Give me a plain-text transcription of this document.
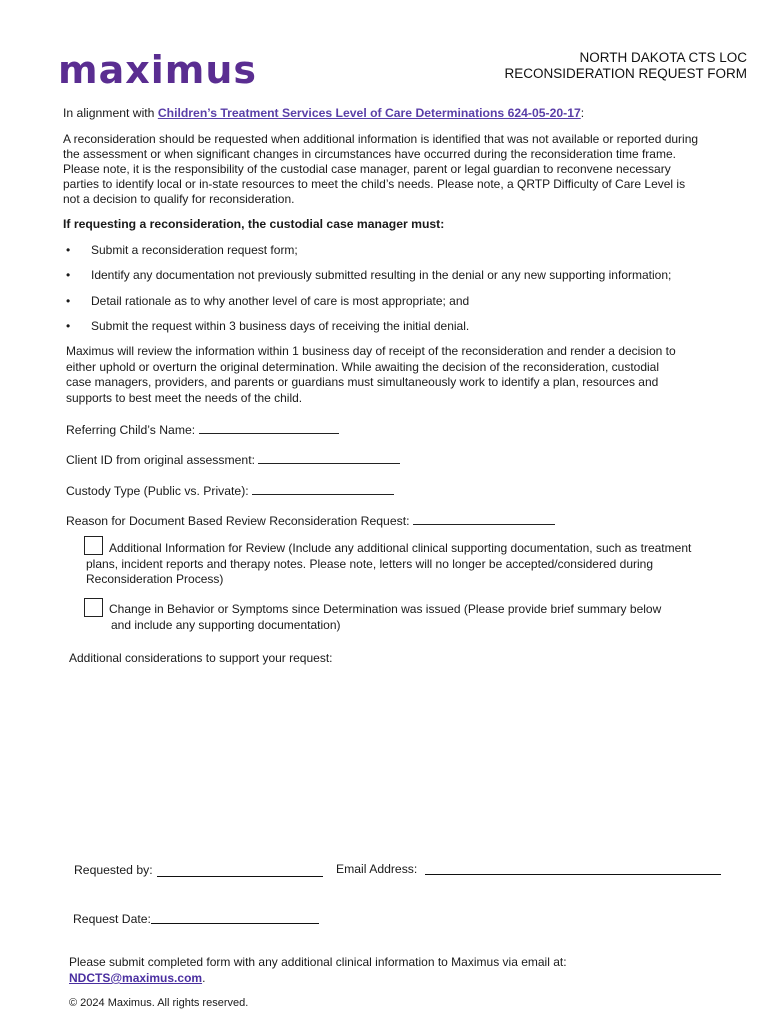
maximus	NORTH DAKOTA CTS LOC
RECONSIDERATION REQUEST FORM
In alignment with Children’s Treatment Services Level of Care Determinations 624-05-20-17:
A reconsideration should be requested when additional information is identified that was not available or reported during
the assessment or when significant changes in circumstances have occurred during the reconsideration time frame.
Please note, it is the responsibility of the custodial case manager, parent or legal guardian to reconvene necessary
parties to identify local or in-state resources to meet the child’s needs. Please note, a QRTP Difficulty of Care Level is
not a decision to qualify for reconsideration.
If requesting a reconsideration, the custodial case manager must:
• Submit a reconsideration request form;
• Identify any documentation not previously submitted resulting in the denial or any new supporting information;
• Detail rationale as to why another level of care is most appropriate; and
• Submit the request within 3 business days of receiving the initial denial.
Maximus will review the information within 1 business day of receipt of the reconsideration and render a decision to
either uphold or overturn the original determination. While awaiting the decision of the reconsideration, custodial
case managers, providers, and parents or guardians must simultaneously work to identify a plan, resources and
supports to best meet the needs of the child.
Referring Child’s Name:
Client ID from original assessment:
Custody Type (Public vs. Private):
Reason for Document Based Review Reconsideration Request:
Additional Information for Review (Include any additional clinical supporting documentation, such as treatment
plans, incident reports and therapy notes. Please note, letters will no longer be accepted/considered during
Reconsideration Process)
Change in Behavior or Symptoms since Determination was issued (Please provide brief summary below
and include any supporting documentation)
Additional considerations to support your request:
Requested by:	Email Address:
Request Date:
Please submit completed form with any additional clinical information to Maximus via email at:
NDCTS@maximus.com.
© 2024 Maximus. All rights reserved.
